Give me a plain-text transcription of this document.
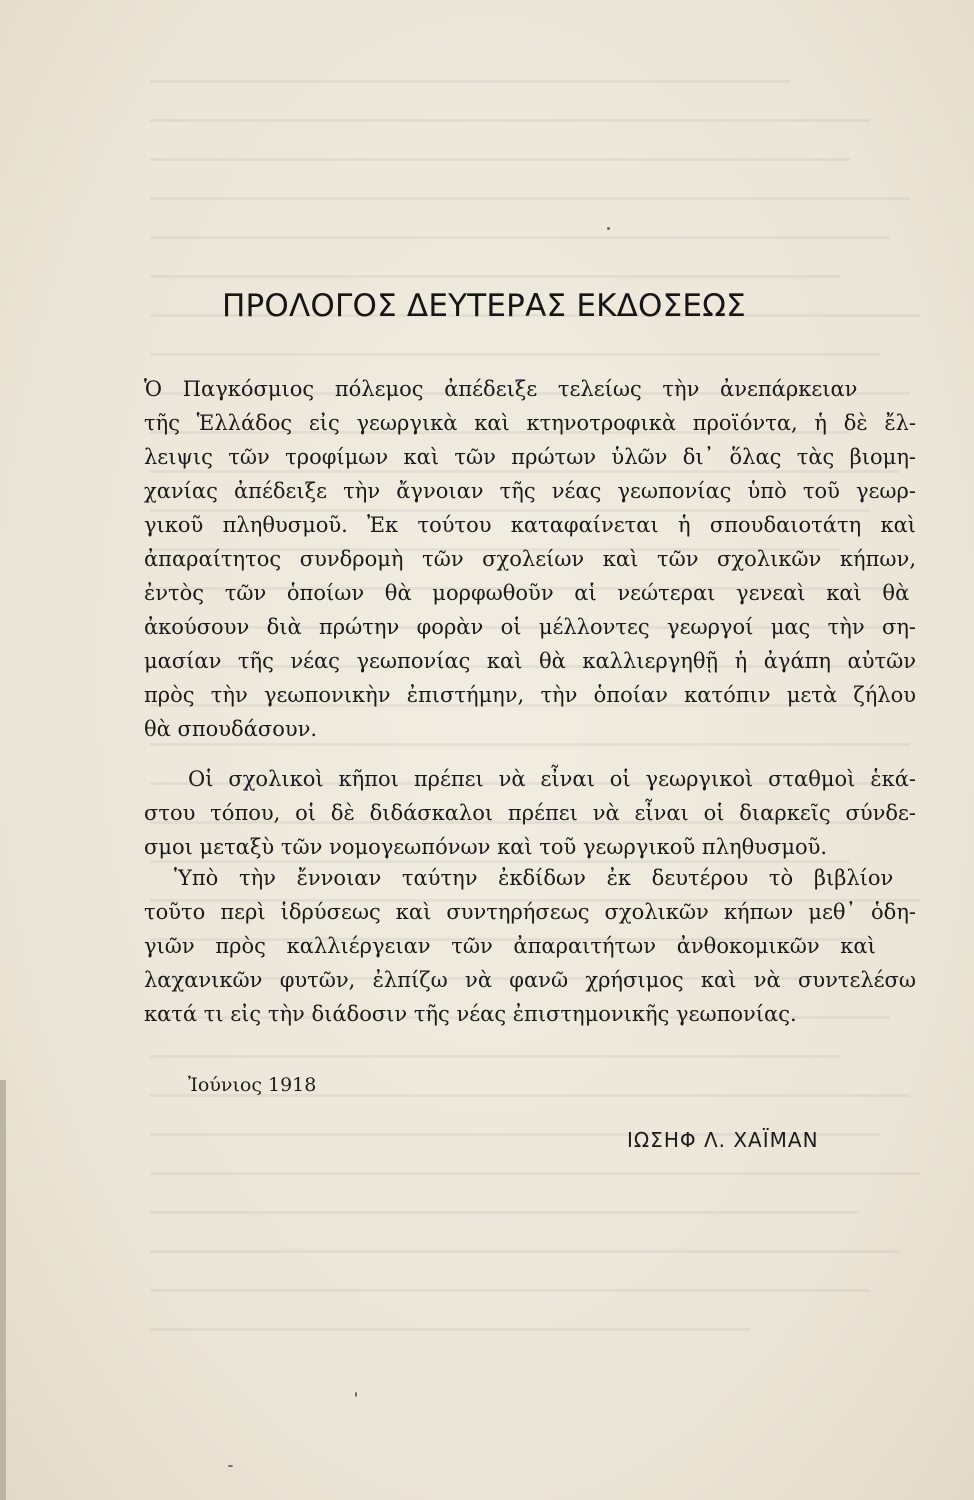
ΠΡΟΛΟΓΟΣ ΔΕΥΤΕΡΑΣ ΕΚΔΟΣΕΩΣ
Ὁ Παγκόσμιος πόλεμος ἀπέδειξε τελείως τὴν ἀνεπάρκειαν
τῆς Ἑλλάδος εἰς γεωργικὰ καὶ κτηνοτροφικὰ προϊόντα, ἡ δὲ ἔλ-
λειψις τῶν τροφίμων καὶ τῶν πρώτων ὑλῶν δι᾽ ὅλας τὰς βιομη-
χανίας ἀπέδειξε τὴν ἄγνοιαν τῆς νέας γεωπονίας ὑπὸ τοῦ γεωρ-
γικοῦ πληθυσμοῦ. Ἐκ τούτου καταφαίνεται ἡ σπουδαιοτάτη καὶ
ἀπαραίτητος συνδρομὴ τῶν σχολείων καὶ τῶν σχολικῶν κήπων,
ἐντὸς τῶν ὁποίων θὰ μορφωθοῦν αἱ νεώτεραι γενεαὶ καὶ θὰ
ἀκούσουν διὰ πρώτην φορὰν οἱ μέλλοντες γεωργοί μας τὴν ση-
μασίαν τῆς νέας γεωπονίας καὶ θὰ καλλιεργηθῇ ἡ ἀγάπη αὐτῶν
πρὸς τὴν γεωπονικὴν ἐπιστήμην, τὴν ὁποίαν κατόπιν μετὰ ζήλου
θὰ σπουδάσουν.
Οἱ σχολικοὶ κῆποι πρέπει νὰ εἶναι οἱ γεωργικοὶ σταθμοὶ ἑκά-
στου τόπου, οἱ δὲ διδάσκαλοι πρέπει νὰ εἶναι οἱ διαρκεῖς σύνδε-
σμοι μεταξὺ τῶν νομογεωπόνων καὶ τοῦ γεωργικοῦ πληθυσμοῦ.
Ὑπὸ τὴν ἔννοιαν ταύτην ἐκδίδων ἐκ δευτέρου τὸ βιβλίον
τοῦτο περὶ ἱδρύσεως καὶ συντηρήσεως σχολικῶν κήπων μεθ᾽ ὁδη-
γιῶν πρὸς καλλιέργειαν τῶν ἀπαραιτήτων ἀνθοκομικῶν καὶ
λαχανικῶν φυτῶν, ἐλπίζω νὰ φανῶ χρήσιμος καὶ νὰ συντελέσω
κατά τι εἰς τὴν διάδοσιν τῆς νέας ἐπιστημονικῆς γεωπονίας.

Ἰούνιος 1918

ΙΩΣΗΦ Λ. ΧΑΪΜΑΝ
